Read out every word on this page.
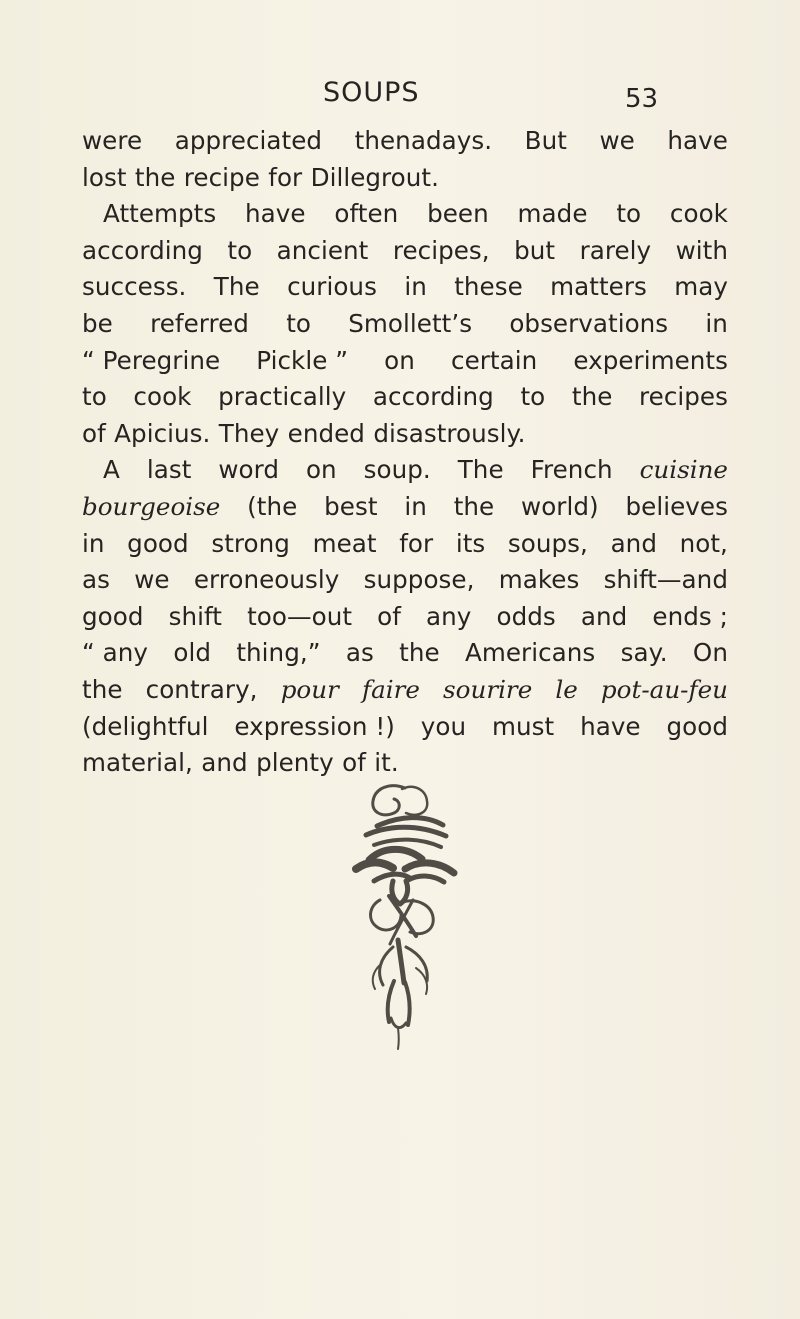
SOUPS	53
were appreciated thenadays. But we have
lost the recipe for Dillegrout.
Attempts have often been made to cook
according to ancient recipes, but rarely with
success. The curious in these matters may
be referred to Smollett’s observations in
“ Peregrine Pickle ” on certain experiments
to cook practically according to the recipes
of Apicius. They ended disastrously.
A last word on soup. The French cuisine
bourgeoise (the best in the world) believes
in good strong meat for its soups, and not,
as we erroneously suppose, makes shift—and
good shift too—out of any odds and ends ;
“ any old thing,” as the Americans say. On
the contrary, pour faire sourire le pot-au-feu
(delightful expression !) you must have good
material, and plenty of it.
